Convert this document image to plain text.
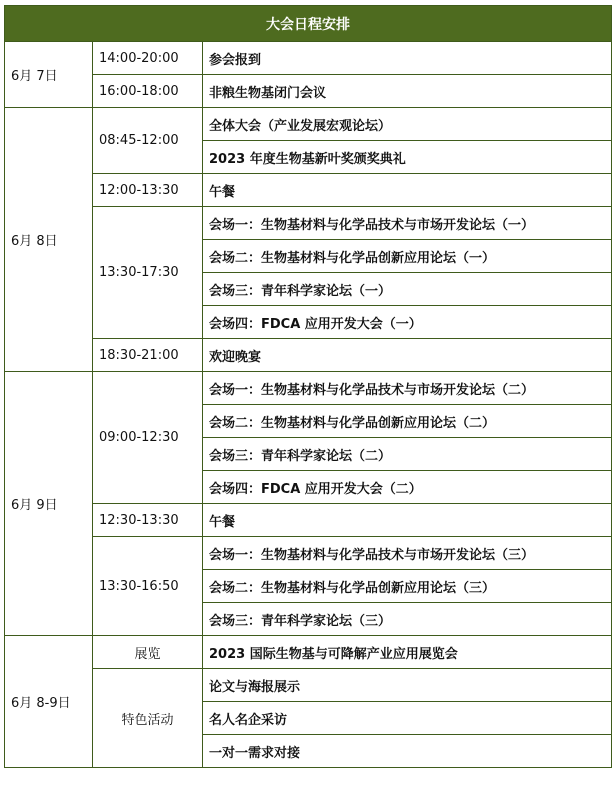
大会日程安排		
6月 7日	14:00-20:00	参会报到
	16:00-18:00	非粮生物基闭门会议
6月 8日	08:45-12:00	全体大会（产业发展宏观论坛）
		2023 年度生物基新叶奖颁奖典礼
	12:00-13:30	午餐
	13:30-17:30	会场一：生物基材料与化学品技术与市场开发论坛（一）
		会场二：生物基材料与化学品创新应用论坛（一）
		会场三：青年科学家论坛（一）
		会场四：FDCA 应用开发大会（一）
	18:30-21:00	欢迎晚宴
6月 9日	09:00-12:30	会场一：生物基材料与化学品技术与市场开发论坛（二）
		会场二：生物基材料与化学品创新应用论坛（二）
		会场三：青年科学家论坛（二）
		会场四：FDCA 应用开发大会（二）
	12:30-13:30	午餐
	13:30-16:50	会场一：生物基材料与化学品技术与市场开发论坛（三）
		会场二：生物基材料与化学品创新应用论坛（三）
		会场三：青年科学家论坛（三）
6月 8-9日	展览	2023 国际生物基与可降解产业应用展览会
	特色活动	论文与海报展示
		名人名企采访
		一对一需求对接
